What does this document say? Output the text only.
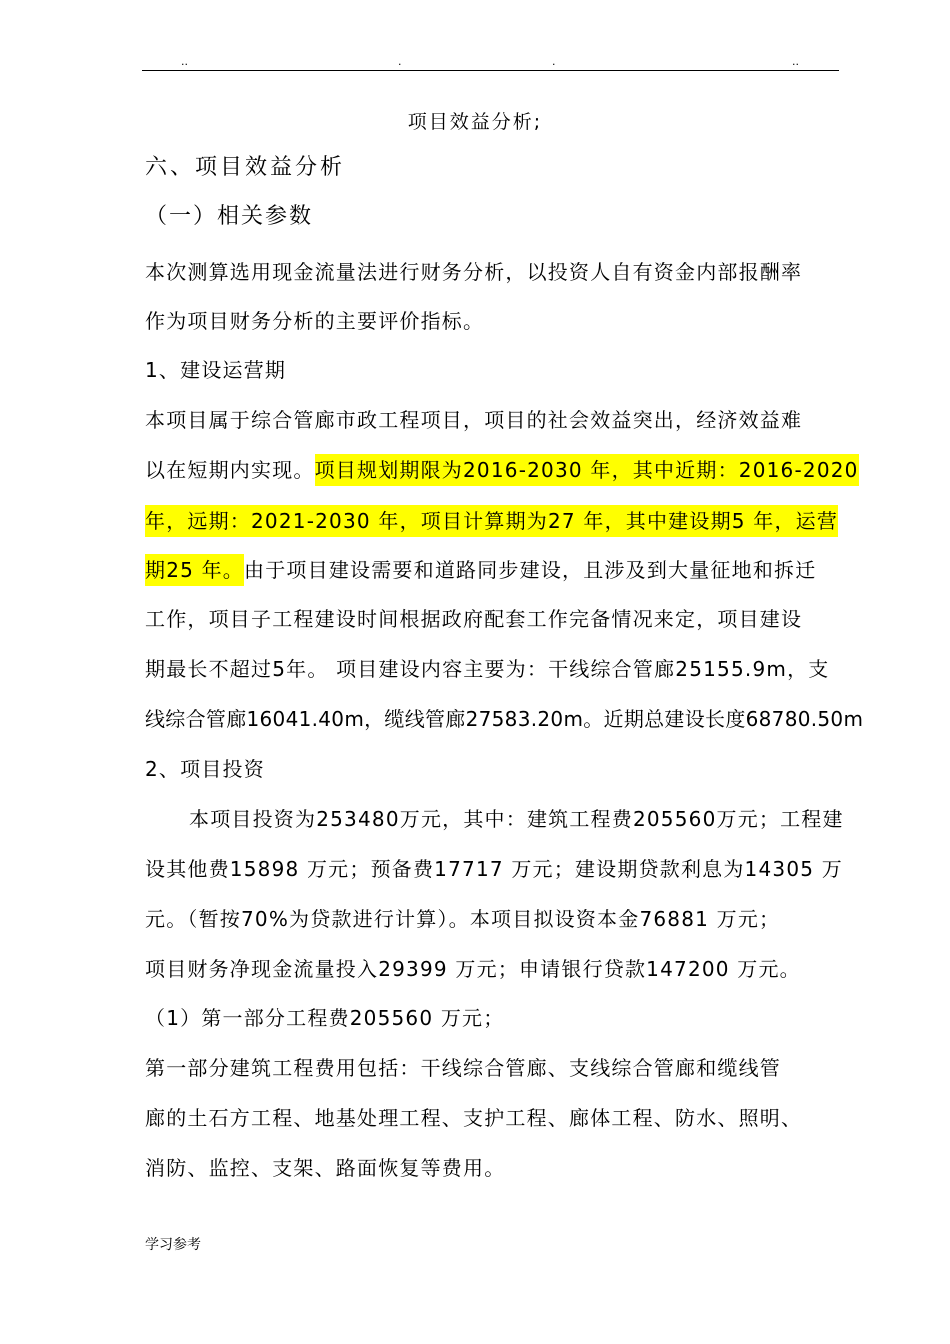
..	.	.	..
项目效益分析;
六、项目效益分析
（一）相关参数
本次测算选用现金流量法进行财务分析，以投资人自有资金内部报酬率
作为项目财务分析的主要评价指标。
1、建设运营期
本项目属于综合管廊市政工程项目，项目的社会效益突出，经济效益难
以在短期内实现。项目规划期限为2016-2030 年，其中近期：2016-2020
年，远期：2021-2030 年，项目计算期为27 年，其中建设期5 年，运营
期25 年。由于项目建设需要和道路同步建设，且涉及到大量征地和拆迁
工作，项目子工程建设时间根据政府配套工作完备情况来定，项目建设
期最长不超过5年。 项目建设内容主要为：干线综合管廊25155.9m，支
线综合管廊16041.40m，缆线管廊27583.20m。近期总建设长度68780.50m
2、项目投资
本项目投资为253480万元，其中：建筑工程费205560万元；工程建
设其他费15898 万元；预备费17717 万元；建设期贷款利息为14305 万
元。（暂按70%为贷款进行计算）。本项目拟设资本金76881 万元；
项目财务净现金流量投入29399 万元；申请银行贷款147200 万元。
（1）第一部分工程费205560 万元；
第一部分建筑工程费用包括：干线综合管廊、支线综合管廊和缆线管
廊的土石方工程、地基处理工程、支护工程、廊体工程、防水、照明、
消防、监控、支架、路面恢复等费用。
学习参考
